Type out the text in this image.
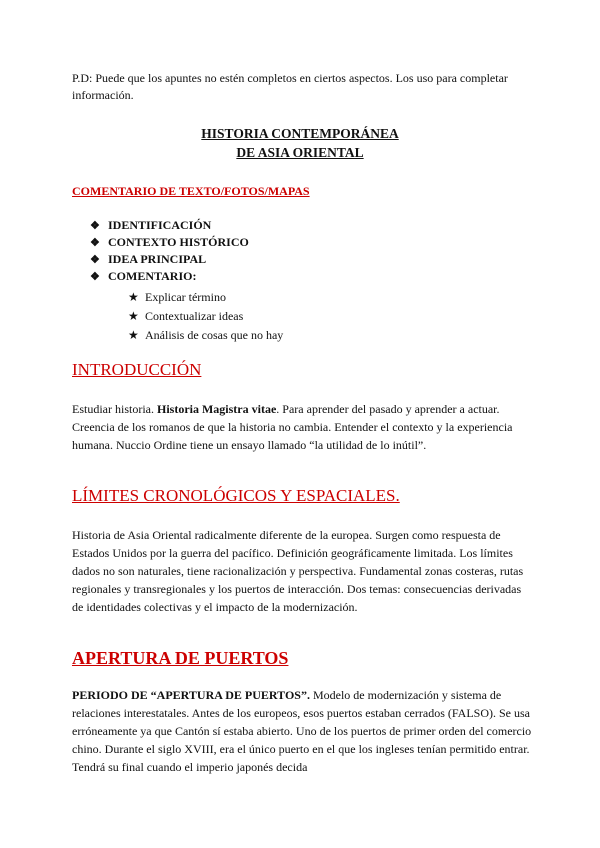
P.D: Puede que los apuntes no estén completos en ciertos aspectos. Los uso para completar información.
HISTORIA CONTEMPORÁNEA
DE ASIA ORIENTAL
COMENTARIO DE TEXTO/FOTOS/MAPAS
❖ IDENTIFICACIÓN
❖ CONTEXTO HISTÓRICO
❖ IDEA PRINCIPAL
❖ COMENTARIO:
★ Explicar término
★ Contextualizar ideas
★ Análisis de cosas que no hay
INTRODUCCIÓN
Estudiar historia. Historia Magistra vitae. Para aprender del pasado y aprender a actuar. Creencia de los romanos de que la historia no cambia. Entender el contexto y la experiencia humana. Nuccio Ordine tiene un ensayo llamado “la utilidad de lo inútil”.
LÍMITES CRONOLÓGICOS Y ESPACIALES.
Historia de Asia Oriental radicalmente diferente de la europea. Surgen como respuesta de Estados Unidos por la guerra del pacífico. Definición geográficamente limitada. Los límites dados no son naturales, tiene racionalización y perspectiva. Fundamental zonas costeras, rutas regionales y transregionales y los puertos de interacción. Dos temas: consecuencias derivadas de identidades colectivas y el impacto de la modernización.
APERTURA DE PUERTOS
PERIODO DE “APERTURA DE PUERTOS”. Modelo de modernización y sistema de relaciones interestatales. Antes de los europeos, esos puertos estaban cerrados (FALSO). Se usa erróneamente ya que Cantón sí estaba abierto. Uno de los puertos de primer orden del comercio chino. Durante el siglo XVIII, era el único puerto en el que los ingleses tenían permitido entrar. Tendrá su final cuando el imperio japonés decida
